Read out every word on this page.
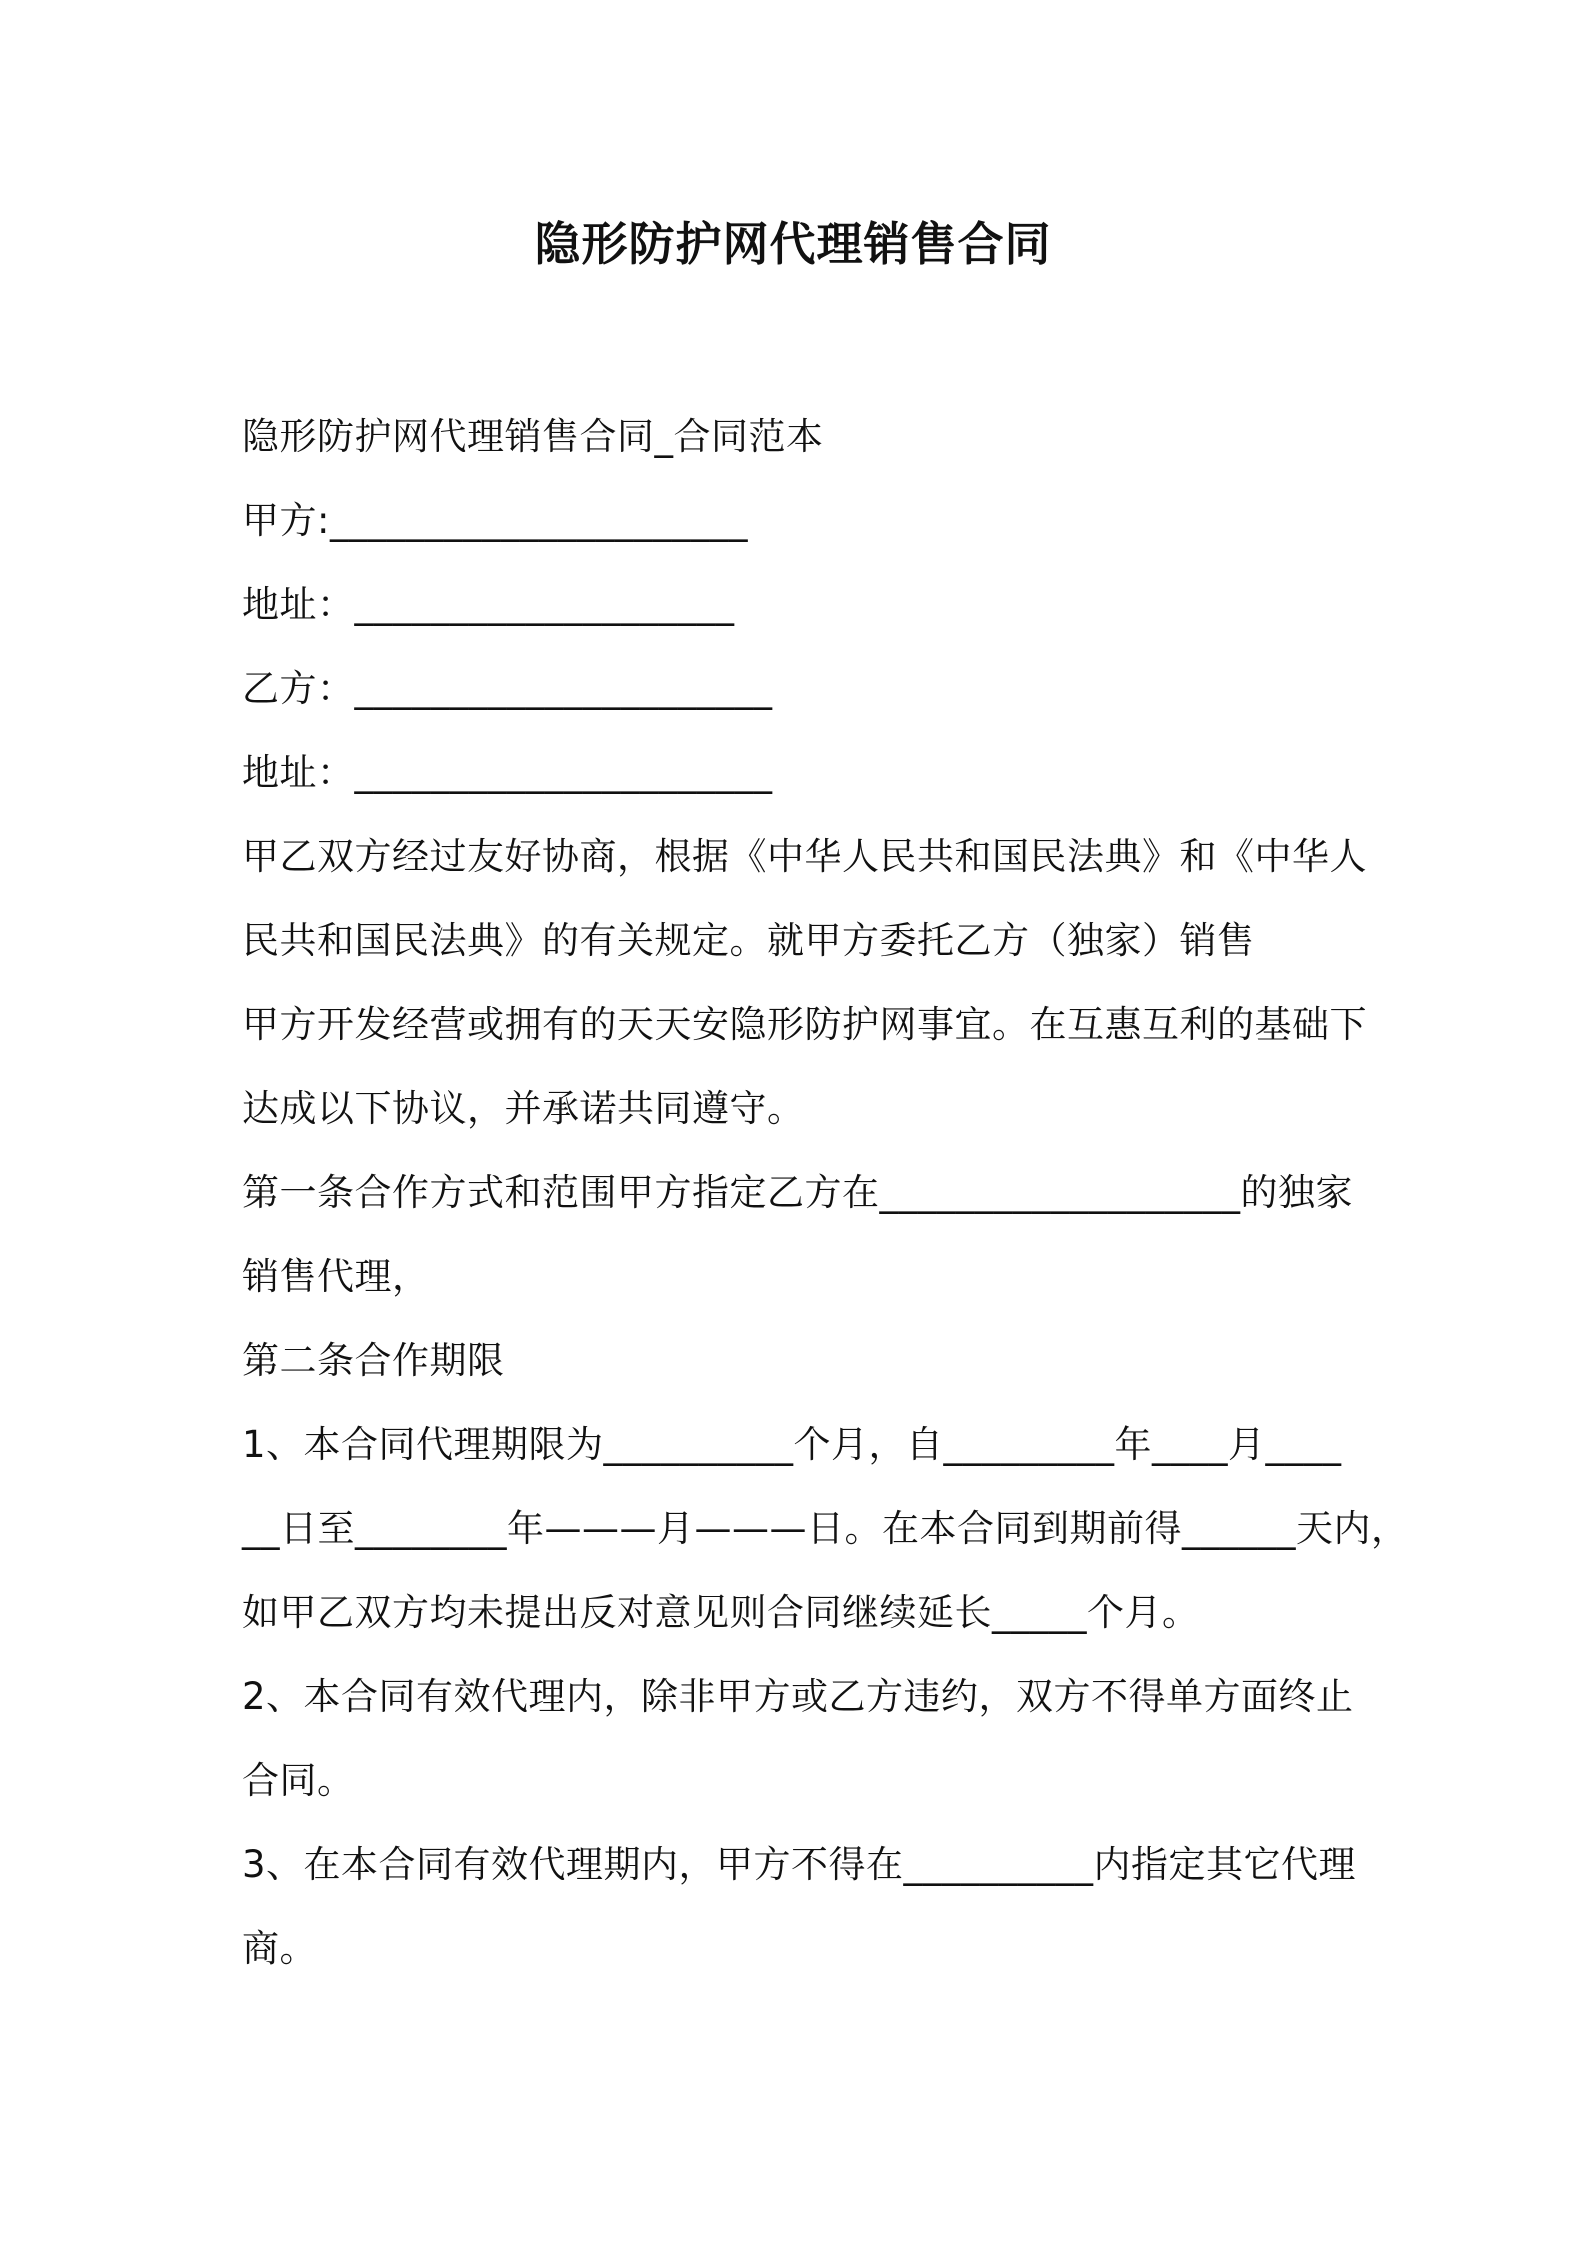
隐形防护网代理销售合同
隐形防护网代理销售合同_合同范本
甲方:______________________
地址：____________________
乙方：______________________
地址：______________________
甲乙双方经过友好协商，根据《中华人民共和国民法典》和《中华人
民共和国民法典》的有关规定。就甲方委托乙方（独家）销售
甲方开发经营或拥有的天天安隐形防护网事宜。在互惠互利的基础下
达成以下协议，并承诺共同遵守。
第一条合作方式和范围甲方指定乙方在___________________的独家
销售代理，
第二条合作期限
1、本合同代理期限为__________个月，自_________年____月____
__日至________年———月———日。在本合同到期前得______天内，
如甲乙双方均未提出反对意见则合同继续延长_____个月。
2、本合同有效代理内，除非甲方或乙方违约，双方不得单方面终止
合同。
3、在本合同有效代理期内，甲方不得在__________内指定其它代理
商。
